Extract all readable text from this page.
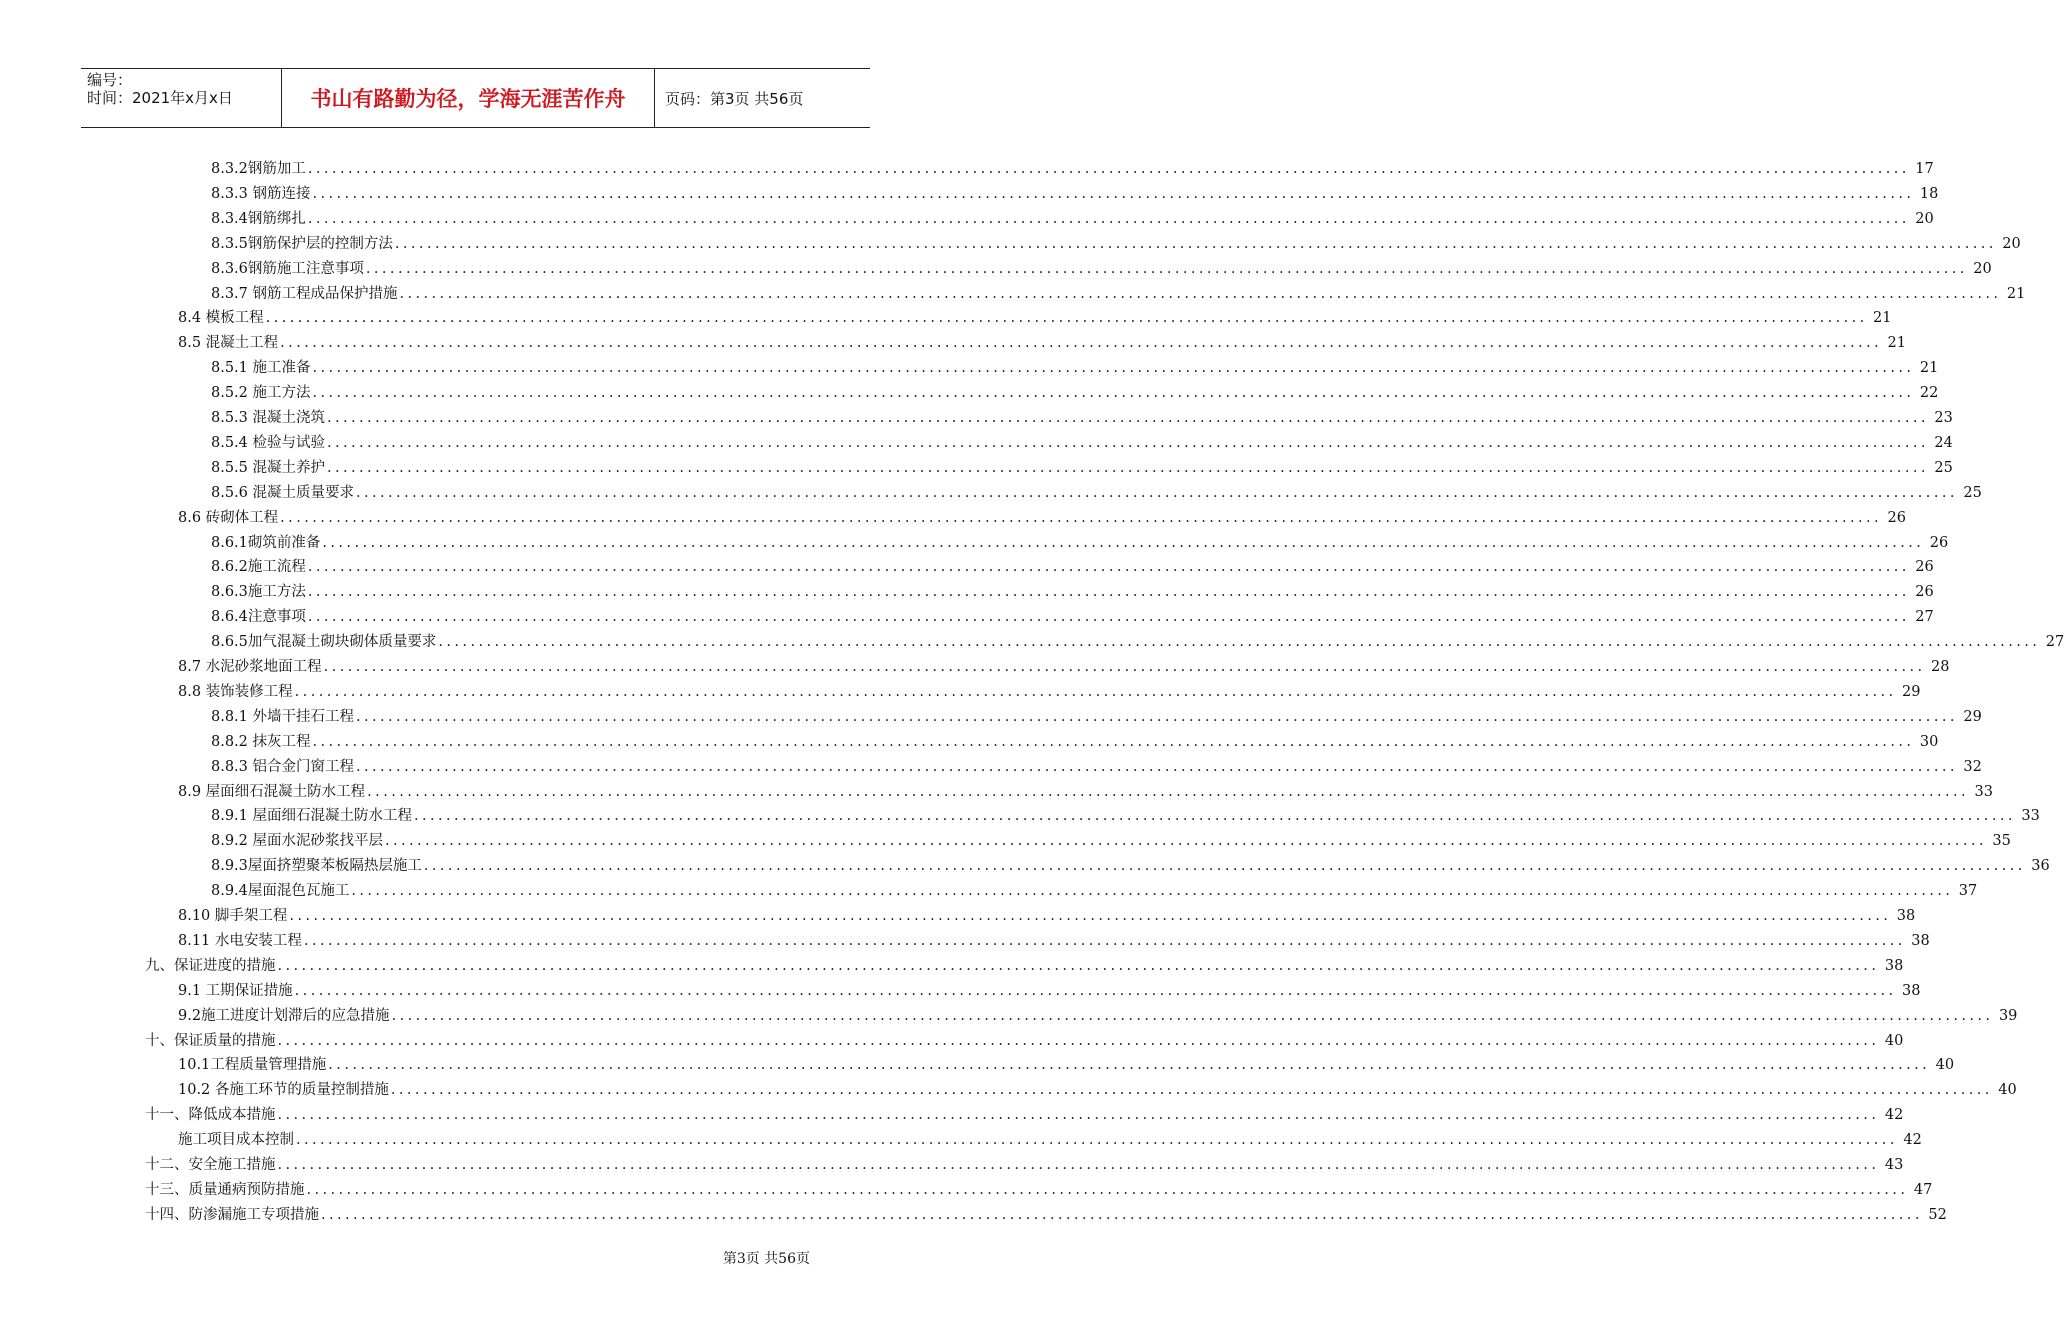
编号：
时间：2021年x月x日	书山有路勤为径，学海无涯苦作舟	页码：第3页 共56页
8.3.2钢筋加工 ........................................................................................................................................................................................................ 17
8.3.3 钢筋连接 ........................................................................................................................................................................................................ 18
8.3.4钢筋绑扎 ........................................................................................................................................................................................................ 20
8.3.5钢筋保护层的控制方法 ........................................................................................................................................................................................................ 20
8.3.6钢筋施工注意事项 ........................................................................................................................................................................................................ 20
8.3.7 钢筋工程成品保护措施 ........................................................................................................................................................................................................ 21
8.4 模板工程 ........................................................................................................................................................................................................ 21
8.5 混凝土工程 ........................................................................................................................................................................................................ 21
8.5.1 施工准备 ........................................................................................................................................................................................................ 21
8.5.2 施工方法 ........................................................................................................................................................................................................ 22
8.5.3 混凝土浇筑 ........................................................................................................................................................................................................ 23
8.5.4 检验与试验 ........................................................................................................................................................................................................ 24
8.5.5 混凝土养护 ........................................................................................................................................................................................................ 25
8.5.6 混凝土质量要求 ........................................................................................................................................................................................................ 25
8.6 砖砌体工程 ........................................................................................................................................................................................................ 26
8.6.1砌筑前准备 ........................................................................................................................................................................................................ 26
8.6.2施工流程 ........................................................................................................................................................................................................ 26
8.6.3施工方法 ........................................................................................................................................................................................................ 26
8.6.4注意事项 ........................................................................................................................................................................................................ 27
8.6.5加气混凝土砌块砌体质量要求 ........................................................................................................................................................................................................ 27
8.7 水泥砂浆地面工程 ........................................................................................................................................................................................................ 28
8.8 装饰装修工程 ........................................................................................................................................................................................................ 29
8.8.1 外墙干挂石工程 ........................................................................................................................................................................................................ 29
8.8.2 抹灰工程 ........................................................................................................................................................................................................ 30
8.8.3 铝合金门窗工程 ........................................................................................................................................................................................................ 32
8.9 屋面细石混凝土防水工程 ........................................................................................................................................................................................................ 33
8.9.1 屋面细石混凝土防水工程 ........................................................................................................................................................................................................ 33
8.9.2 屋面水泥砂浆找平层 ........................................................................................................................................................................................................ 35
8.9.3屋面挤塑聚苯板隔热层施工 ........................................................................................................................................................................................................ 36
8.9.4屋面混色瓦施工 ........................................................................................................................................................................................................ 37
8.10 脚手架工程 ........................................................................................................................................................................................................ 38
8.11 水电安装工程 ........................................................................................................................................................................................................ 38
九、保证进度的措施 ........................................................................................................................................................................................................ 38
9.1 工期保证措施 ........................................................................................................................................................................................................ 38
9.2施工进度计划滞后的应急措施 ........................................................................................................................................................................................................ 39
十、保证质量的措施 ........................................................................................................................................................................................................ 40
10.1工程质量管理措施 ........................................................................................................................................................................................................ 40
10.2 各施工环节的质量控制措施 ........................................................................................................................................................................................................ 40
十一、降低成本措施 ........................................................................................................................................................................................................ 42
施工项目成本控制 ........................................................................................................................................................................................................ 42
十二、安全施工措施 ........................................................................................................................................................................................................ 43
十三、质量通病预防措施 ........................................................................................................................................................................................................ 47
十四、防渗漏施工专项措施 ........................................................................................................................................................................................................ 52
第3页 共56页
